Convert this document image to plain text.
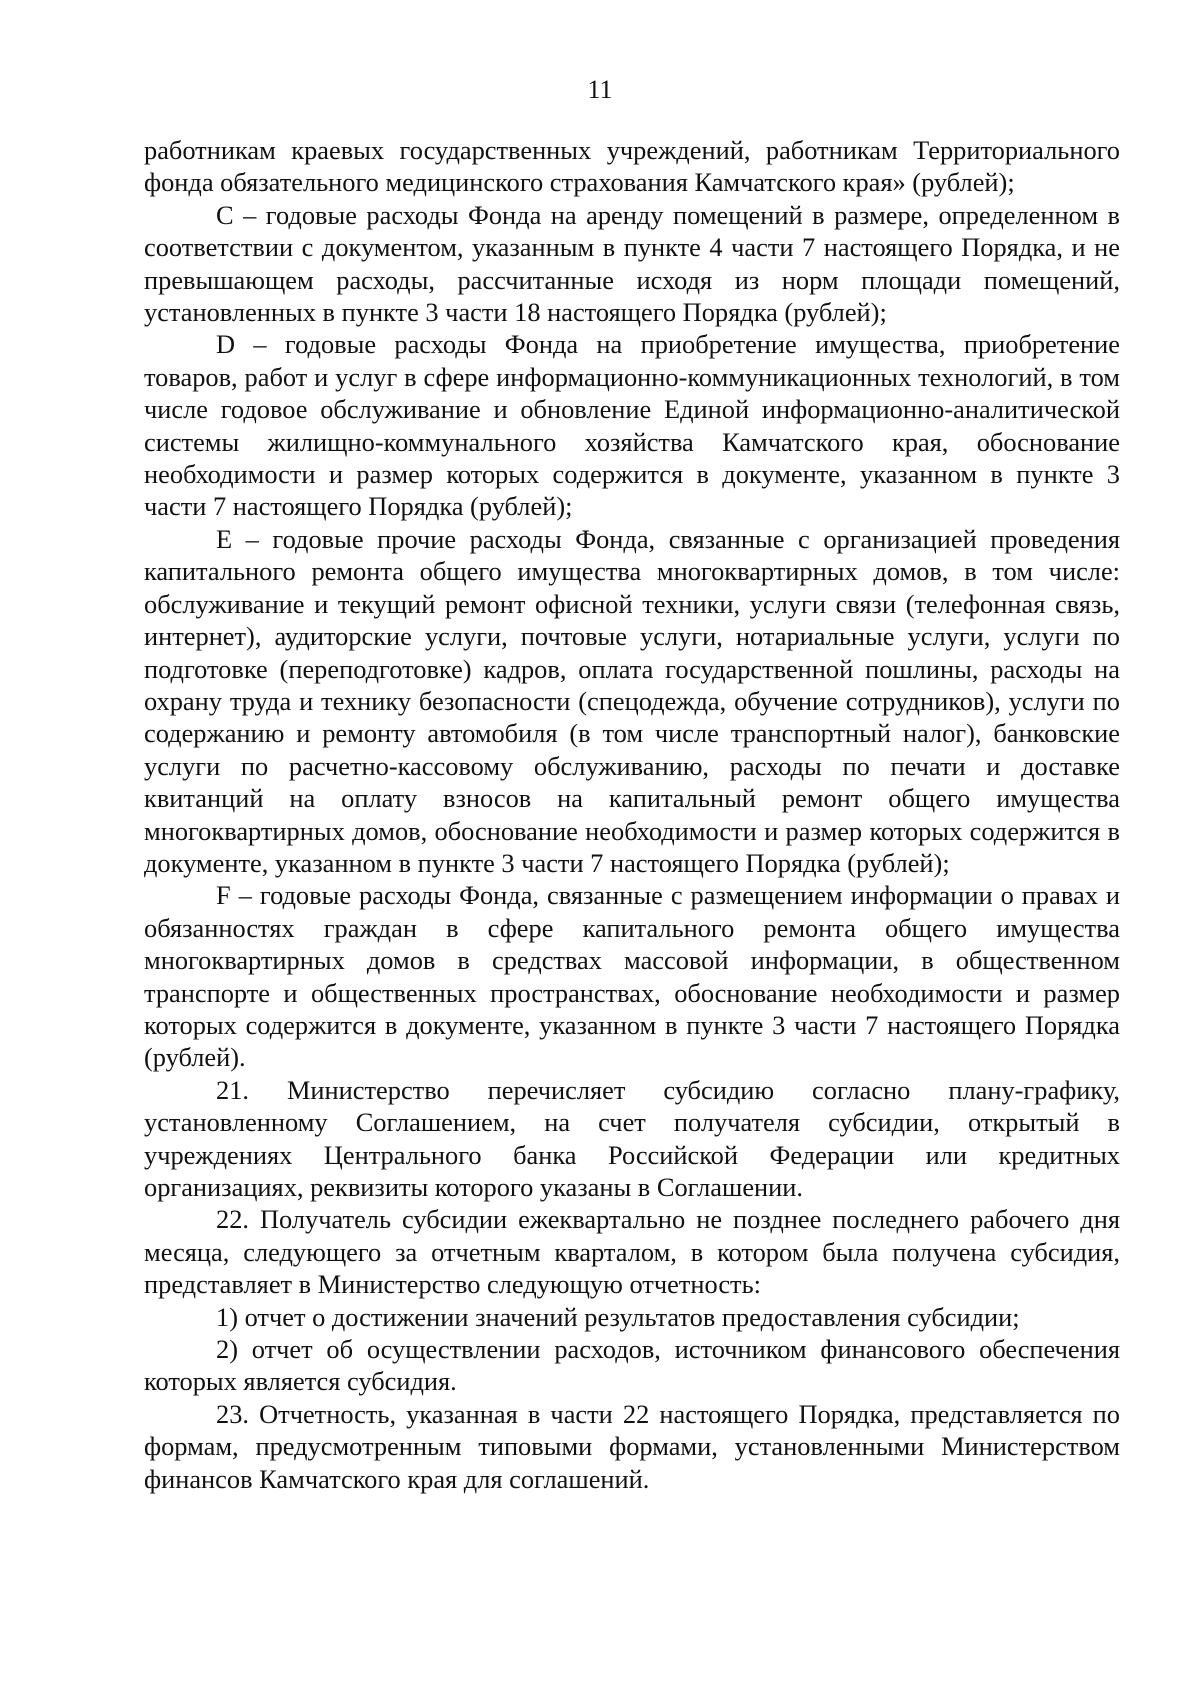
11

работникам краевых государственных учреждений, работникам Территориального фонда обязательного медицинского страхования Камчатского края» (рублей);

C – годовые расходы Фонда на аренду помещений в размере, определенном в соответствии с документом, указанным в пункте 4 части 7 настоящего Порядка, и не превышающем расходы, рассчитанные исходя из норм площади помещений, установленных в пункте 3 части 18 настоящего Порядка (рублей);

D – годовые расходы Фонда на приобретение имущества, приобретение товаров, работ и услуг в сфере информационно-коммуникационных технологий, в том числе годовое обслуживание и обновление Единой информационно-аналитической системы жилищно-коммунального хозяйства Камчатского края, обоснование необходимости и размер которых содержится в документе, указанном в пункте 3 части 7 настоящего Порядка (рублей);

E – годовые прочие расходы Фонда, связанные с организацией проведения капитального ремонта общего имущества многоквартирных домов, в том числе: обслуживание и текущий ремонт офисной техники, услуги связи (телефонная связь, интернет), аудиторские услуги, почтовые услуги, нотариальные услуги, услуги по подготовке (переподготовке) кадров, оплата государственной пошлины, расходы на охрану труда и технику безопасности (спецодежда, обучение сотрудников), услуги по содержанию и ремонту автомобиля (в том числе транспортный налог), банковские услуги по расчетно-кассовому обслуживанию, расходы по печати и доставке квитанций на оплату взносов на капитальный ремонт общего имущества многоквартирных домов, обоснование необходимости и размер которых содержится в документе, указанном в пункте 3 части 7 настоящего Порядка (рублей);

F – годовые расходы Фонда, связанные с размещением информации о правах и обязанностях граждан в сфере капитального ремонта общего имущества многоквартирных домов в средствах массовой информации, в общественном транспорте и общественных пространствах, обоснование необходимости и размер которых содержится в документе, указанном в пункте 3 части 7 настоящего Порядка (рублей).

21. Министерство перечисляет субсидию согласно плану-графику, установленному Соглашением, на счет получателя субсидии, открытый в учреждениях Центрального банка Российской Федерации или кредитных организациях, реквизиты которого указаны в Соглашении.

22. Получатель субсидии ежеквартально не позднее последнего рабочего дня месяца, следующего за отчетным кварталом, в котором была получена субсидия, представляет в Министерство следующую отчетность:

1) отчет о достижении значений результатов предоставления субсидии;

2) отчет об осуществлении расходов, источником финансового обеспечения которых является субсидия.

23. Отчетность, указанная в части 22 настоящего Порядка, представляется по формам, предусмотренным типовыми формами, установленными Министерством финансов Камчатского края для соглашений.
